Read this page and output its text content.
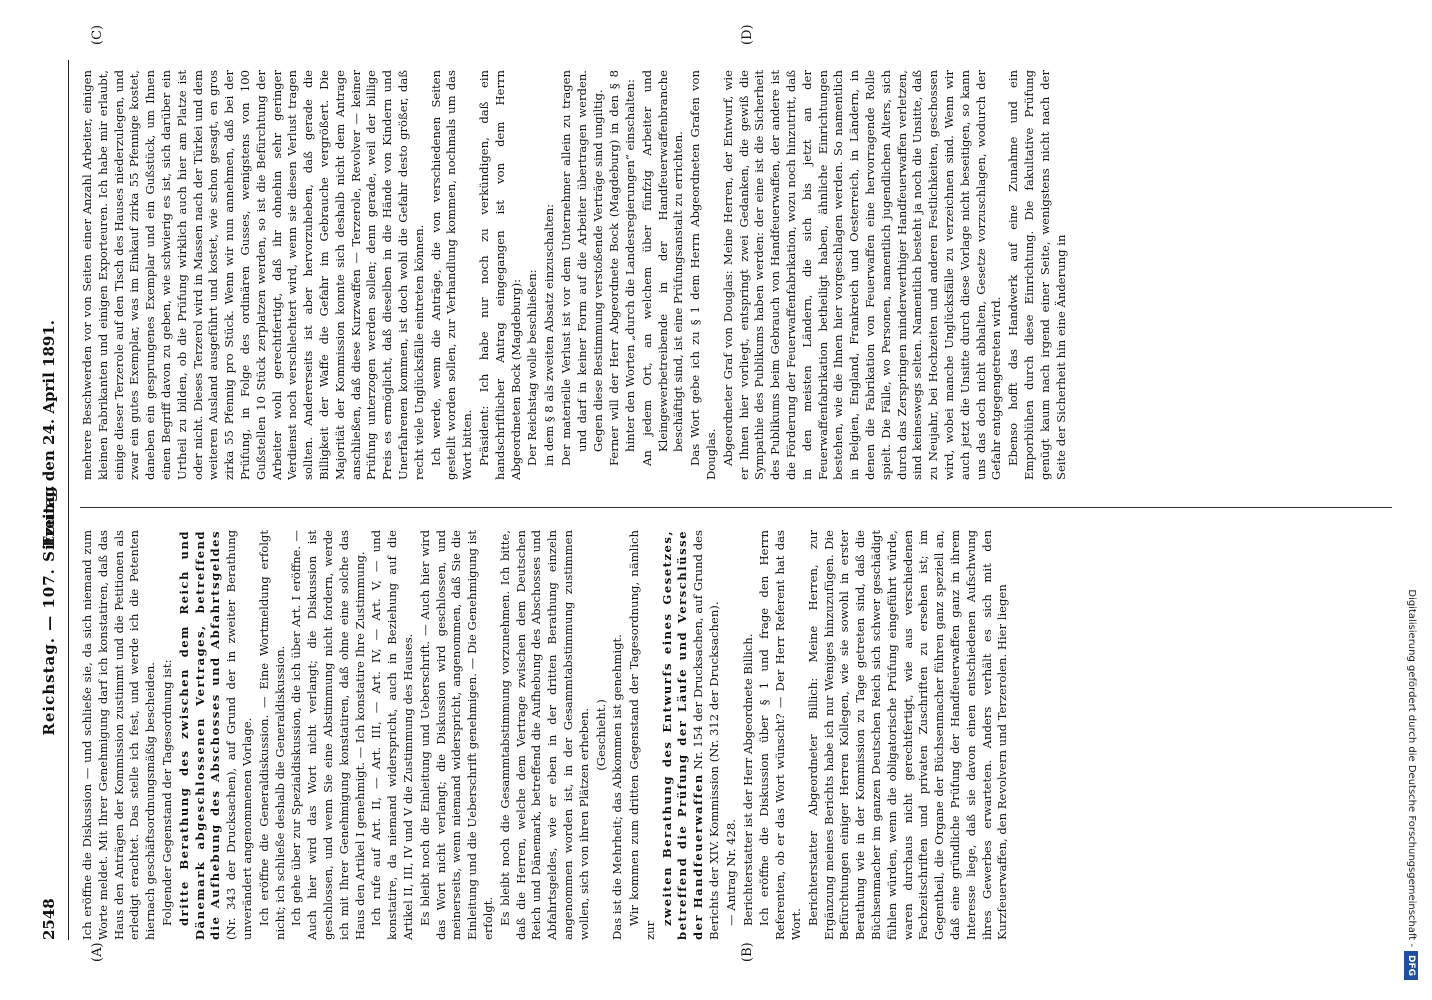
2548
Reichstag. — 107. Sitzung.
Freitag den 24. April 1891.
(A)	(B)
(C)	(D)

Ich eröffne die Diskussion — und schließe sie, da sich niemand zum Worte meldet. Mit Ihrer Genehmigung darf ich konstatiren, daß das Haus den Anträgen der Kommission zustimmt und die Petitionen als erledigt erachtet. Das stelle ich fest, und werde ich die Petenten hiernach geschäftsordnungsmäßig bescheiden. Folgender Gegenstand der Tagesordnung ist: dritte Berathung des zwischen dem Reich und Dänemark abgeschlossenen Vertrages, betreffend die Aufhebung des Abschosses und Abfahrtsgeldes (Nr. 343 der Drucksachen), auf Grund der in zweiter Berathung unverändert angenommenen Vorlage. Ich eröffne die Generaldiskussion. — Eine Wortmeldung erfolgt nicht; ich schließe deshalb die Generaldiskussion. Ich gehe über zur Spezialdiskussion, die ich über Art. I eröffne. — Auch hier wird das Wort nicht verlangt; die Diskussion ist geschlossen, und wenn Sie eine Abstimmung nicht fordern, werde ich mit Ihrer Genehmigung konstatiren, daß ohne eine solche das Haus den Artikel I genehmigt. — Ich konstatire Ihre Zustimmung. Ich rufe auf Art. II, — Art. III, — Art. IV, — Art. V, — und konstatire, da niemand widerspricht, auch in Beziehung auf die Artikel II, III, IV und V die Zustimmung des Hauses. Es bleibt noch die Einleitung und Ueberschrift. — Auch hier wird das Wort nicht verlangt; die Diskussion wird geschlossen, und meinerseits, wenn niemand widerspricht, angenommen, daß Sie die Einleitung und die Ueberschrift genehmigen. — Die Genehmigung ist erfolgt. Es bleibt noch die Gesammtabstimmung vorzunehmen. Ich bitte, daß die Herren, welche dem Vertrage zwischen dem Deutschen Reich und Dänemark, betreffend die Aufhebung des Abschosses und Abfahrtsgeldes, wie er eben in der dritten Berathung einzeln angenommen worden ist, in der Gesammtabstimmung zustimmen wollen, sich von ihren Plätzen erheben. (Geschieht.) Das ist die Mehrheit; das Abkommen ist genehmigt. Wir kommen zum dritten Gegenstand der Tagesordnung, nämlich zur

zweiten Berathung des Entwurfs eines Gesetzes, betreffend die Prüfung der Läufe und Verschlüsse der Handfeuerwaffen Nr. 154 der Drucksachen, auf Grund des Berichts der XIV. Kommission (Nr. 312 der Drucksachen). — Antrag Nr. 428. Berichterstatter ist der Herr Abgeordnete Billich. Ich eröffne die Diskussion über § 1 und frage den Herrn Referenten, ob er das Wort wünscht? — Der Herr Referent hat das Wort. Berichterstatter Abgeordneter Billich: Meine Herren, zur Ergänzung meines Berichts habe ich nur Weniges hinzuzufügen. Die Befürchtungen einiger Herren Kollegen, wie sie sowohl in erster Berathung wie in der Kommission zu Tage getreten sind, daß die Büchsenmacher im ganzen Deutschen Reich sich schwer geschädigt fühlen würden, wenn die obligatorische Prüfung eingeführt würde, waren durchaus nicht gerechtfertigt, wie aus verschiedenen Fachzeitschriften und privaten Zuschriften zu ersehen ist; im Gegentheil, die Organe der Büchsenmacher führen ganz speziell an, daß eine gründliche Prüfung der Handfeuerwaffen ganz in ihrem Interesse liege, daß sie davon einen entschiedenen Aufschwung ihres Gewerbes erwarteten. Anders verhält es sich mit den Kurzfeuerwaffen, den Revolvern und Terzerolen. Hier liegen

mehrere Beschwerden vor von Seiten einer Anzahl Arbeiter, einigen kleinen Fabrikanten und einigen Exporteuren. Ich habe mir erlaubt, einige dieser Terzerole auf den Tisch des Hauses niederzulegen, und zwar ein gutes Exemplar, was im Einkauf zirka 55 Pfennige kostet, daneben ein gesprungenes Exemplar und ein Gußstück, um Ihnen einen Begriff davon zu geben, wie schwierig es ist, sich darüber ein Urtheil zu bilden, ob die Prüfung wirklich auch hier am Platze ist oder nicht. Dieses Terzerol wird in Massen nach der Türkei und dem weiteren Ausland ausgeführt und kostet, wie schon gesagt, en gros zirka 55 Pfennig pro Stück. Wenn wir nun annehmen, daß bei der Prüfung, in Folge des ordinären Gusses, wenigstens von 100 Gußstellen 10 Stück zerplatzen werden, so ist die Befürchtung der Arbeiter wohl gerechtfertigt, daß ihr ohnehin sehr geringer Verdienst noch verschlechtert wird, wenn sie diesen Verlust tragen sollten. Andererseits ist aber hervorzuheben, daß gerade die Billigkeit der Waffe die Gefahr im Gebrauche vergrößert. Die Majorität der Kommission konnte sich deshalb nicht dem Antrage anschließen, daß diese Kurzwaffen — Terzerole, Revolver — keiner Prüfung unterzogen werden sollen; denn gerade, weil der billige Preis es ermöglicht, daß dieselben in die Hände von Kindern und Unerfahrenen kommen, ist doch wohl die Gefahr desto größer, daß recht viele Unglücksfälle eintreten können. Ich werde, wenn die Anträge, die von verschiedenen Seiten gestellt worden sollen, zur Verhandlung kommen, nochmals um das Wort bitten. Präsident: Ich habe nur noch zu verkündigen, daß ein handschriftlicher Antrag eingegangen ist von dem Herrn Abgeordneten Bock (Magdeburg): Der Reichstag wolle beschließen: in dem § 8 als zweiten Absatz einzuschalten: Der materielle Verlust ist vor dem Unternehmer allein zu tragen und darf in keiner Form auf die Arbeiter übertragen werden. Gegen diese Bestimmung verstoßende Verträge sind ungiltig. Ferner will der Herr Abgeordnete Bock (Magdeburg) in den § 8 hinter den Worten „durch die Landesregierungen“ einschalten: An jedem Ort, an welchem über fünfzig Arbeiter und Kleingewerbetreibende in der Handfeuerwaffenbranche beschäftigt sind, ist eine Prüfungsanstalt zu errichten. Das Wort gebe ich zu § 1 dem Herrn Abgeordneten Grafen von Douglas. Abgeordneter Graf von Douglas: Meine Herren, der Entwurf, wie er Ihnen hier vorliegt, entspringt zwei Gedanken, die gewiß die Sympathie des Publikums haben werden: der eine ist die Sicherheit des Publikums beim Gebrauch von Handfeuerwaffen, der andere ist die Förderung der Feuerwaffenfabrikation, wozu noch hinzutritt, daß in den meisten Ländern, die sich bis jetzt an der Feuerwaffenfabrikation betheiligt haben, ähnliche Einrichtungen bestehen, wie die Ihnen hier vorgeschlagen werden. So namentlich in Belgien, England, Frankreich und Oesterreich, in Ländern, in denen die Fabrikation von Feuerwaffen eine hervorragende Rolle spielt. Die Fälle, wo Personen, namentlich jugendlichen Alters, sich durch das Zerspringen minderwerthiger Handfeuerwaffen verletzen, sind keineswegs selten. Namentlich besteht ja noch die Unsitte, daß zu Neujahr, bei Hochzeiten und anderen Festlichkeiten, geschossen wird, wobei manche Unglücksfälle zu verzeichnen sind. Wenn wir auch jetzt die Unsitte durch diese Vorlage nicht beseitigen, so kann uns das doch nicht abhalten, Gesetze vorzuschlagen, wodurch der Gefahr entgegengetreten wird. Ebenso hofft das Handwerk auf eine Zunahme und ein Emporblühen durch diese Einrichtung. Die fakultative Prüfung genügt kaum nach irgend einer Seite, wenigstens nicht nach der Seite der Sicherheit hin eine Änderung in

Digitalisierung gefördert durch die Deutsche Forschungsgemeinschaft -DFG
